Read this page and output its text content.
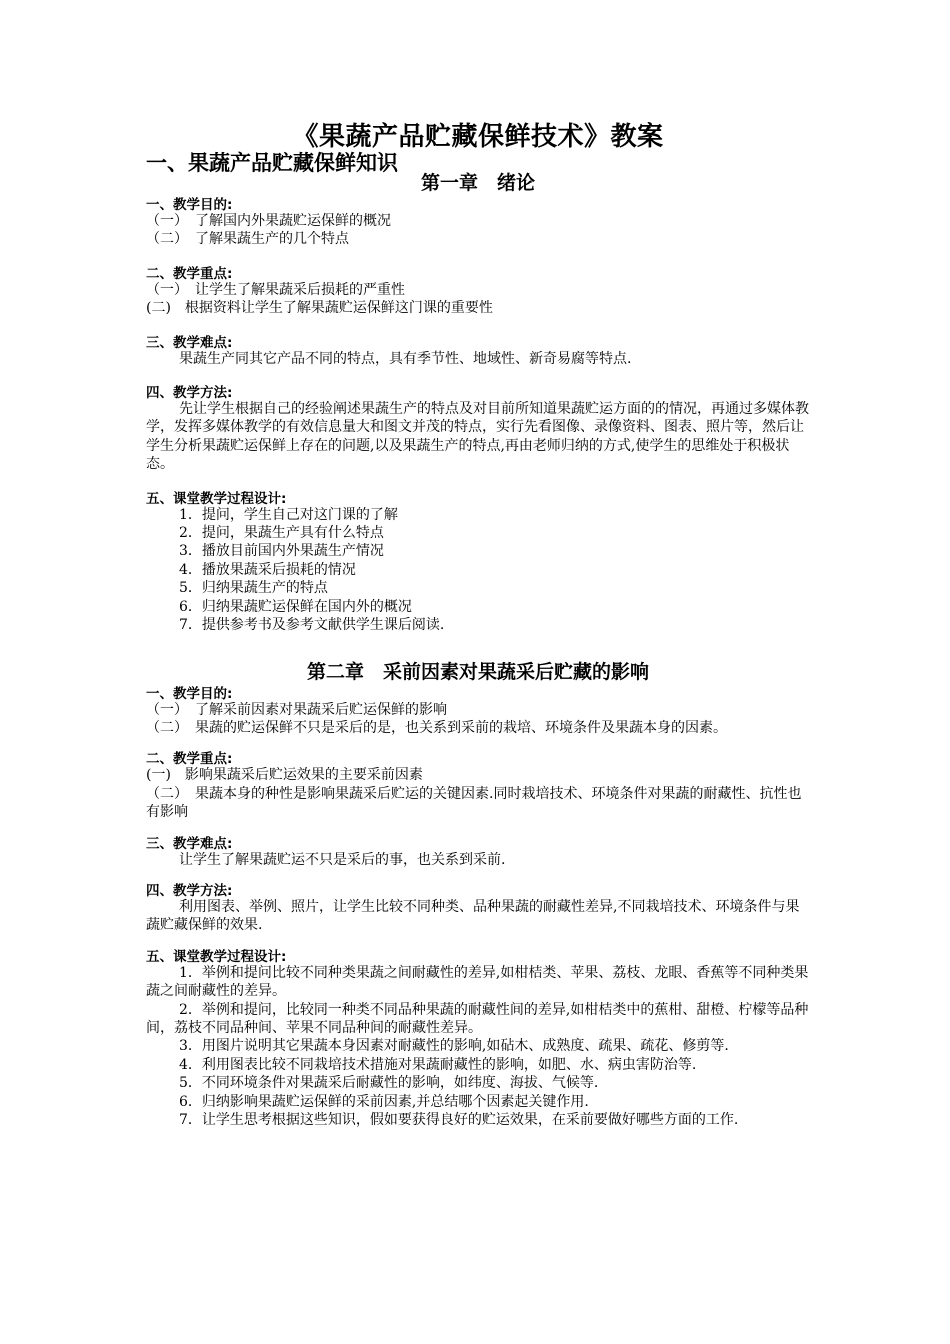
《果蔬产品贮藏保鲜技术》教案
一、果蔬产品贮藏保鲜知识
第一章　绪论

一、教学目的:

（一）　了解国内外果蔬贮运保鲜的概况

（二）　了解果蔬生产的几个特点

二、教学重点:

（一）　让学生了解果蔬采后损耗的严重性

(二)　根据资料让学生了解果蔬贮运保鲜这门课的重要性

三、教学难点:

果蔬生产同其它产品不同的特点，具有季节性、地域性、新奇易腐等特点.

四、教学方法:

先让学生根据自己的经验阐述果蔬生产的特点及对目前所知道果蔬贮运方面的的情况，再通过多媒体教学，发挥多媒体教学的有效信息量大和图文并茂的特点，实行先看图像、录像资料、图表、照片等，然后让学生分析果蔬贮运保鲜上存在的问题,以及果蔬生产的特点,再由老师归纳的方式,使学生的思维处于积极状态。

五、课堂教学过程设计:

1．提问，学生自己对这门课的了解

2．提问，果蔬生产具有什么特点

3．播放目前国内外果蔬生产情况

4．播放果蔬采后损耗的情况

5．归纳果蔬生产的特点

6．归纳果蔬贮运保鲜在国内外的概况

7．提供参考书及参考文献供学生课后阅读.

第二章　采前因素对果蔬采后贮藏的影响

一、教学目的:

（一）　了解采前因素对果蔬采后贮运保鲜的影响

（二）　果蔬的贮运保鲜不只是采后的是，也关系到采前的栽培、环境条件及果蔬本身的因素。

二、教学重点:

(一)　影响果蔬采后贮运效果的主要采前因素

（二）　果蔬本身的种性是影响果蔬采后贮运的关键因素.同时栽培技术、环境条件对果蔬的耐藏性、抗性也有影响

三、教学难点:

让学生了解果蔬贮运不只是采后的事，也关系到采前.

四、教学方法:

利用图表、举例、照片，让学生比较不同种类、品种果蔬的耐藏性差异,不同栽培技术、环境条件与果蔬贮藏保鲜的效果.

五、课堂教学过程设计:

1．举例和提问比较不同种类果蔬之间耐藏性的差异,如柑桔类、苹果、荔枝、龙眼、香蕉等不同种类果蔬之间耐藏性的差异。

2．举例和提问，比较同一种类不同品种果蔬的耐藏性间的差异,如柑桔类中的蕉柑、甜橙、柠檬等品种间，荔枝不同品种间、苹果不同品种间的耐藏性差异。

3．用图片说明其它果蔬本身因素对耐藏性的影响,如砧木、成熟度、疏果、疏花、修剪等.

4．利用图表比较不同栽培技术措施对果蔬耐藏性的影响，如肥、水、病虫害防治等.

5．不同环境条件对果蔬采后耐藏性的影响，如纬度、海拔、气候等.

6．归纳影响果蔬贮运保鲜的采前因素,并总结哪个因素起关键作用.

7．让学生思考根据这些知识，假如要获得良好的贮运效果，在采前要做好哪些方面的工作.
